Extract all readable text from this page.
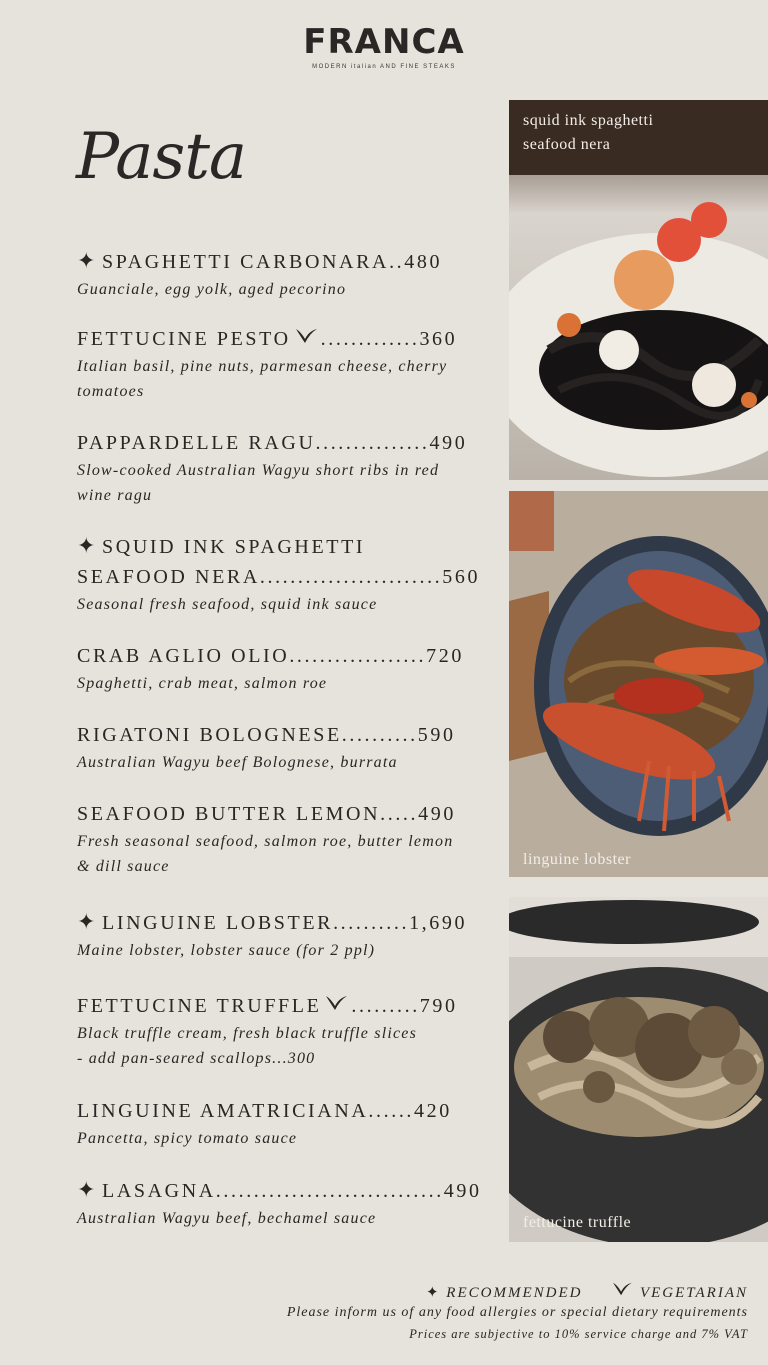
FRANCA
MODERN italian AND FINE STEAKS
Pasta
✦ SPAGHETTI CARBONARA..480
Guanciale, egg yolk, aged pecorino
FETTUCINE PESTO .............360
Italian basil, pine nuts, parmesan cheese, cherry tomatoes
PAPPARDELLE RAGU...............490
Slow-cooked Australian Wagyu short ribs in red wine ragu
✦ SQUID INK SPAGHETTI
SEAFOOD NERA........................560
Seasonal fresh seafood, squid ink sauce
CRAB AGLIO OLIO..................720
Spaghetti, crab meat, salmon roe
RIGATONI BOLOGNESE..........590
Australian Wagyu beef Bolognese, burrata
SEAFOOD BUTTER LEMON.....490
Fresh seasonal seafood, salmon roe, butter lemon & dill sauce
✦ LINGUINE LOBSTER..........1,690
Maine lobster, lobster sauce (for 2 ppl)
FETTUCINE TRUFFLE .........790
Black truffle cream, fresh black truffle slices
- add pan-seared scallops...300
LINGUINE AMATRICIANA......420
Pancetta, spicy tomato sauce
✦ LASAGNA..............................490
Australian Wagyu beef, bechamel sauce
squid ink spaghetti
seafood nera
linguine lobster
fettucine truffle
✦ RECOMMENDED	VEGETARIAN
Please inform us of any food allergies or special dietary requirements
Prices are subjective to 10% service charge and 7% VAT
